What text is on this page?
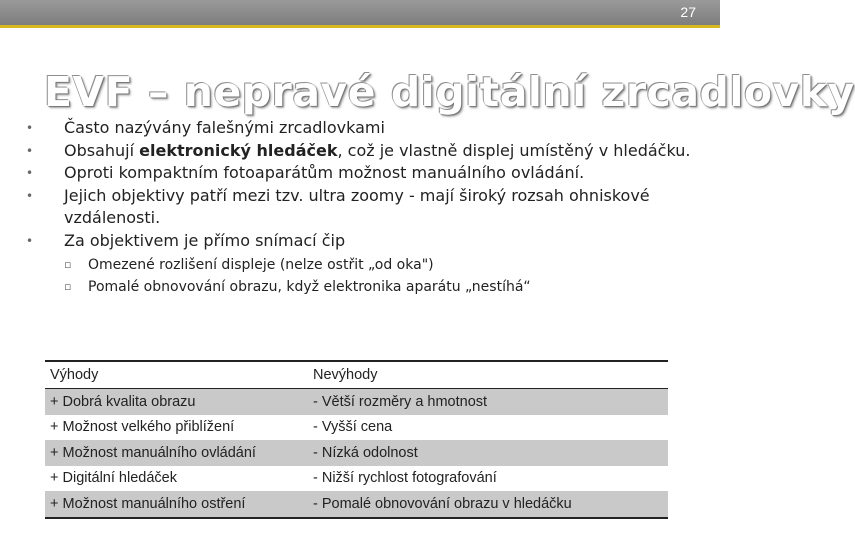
27
EVF – nepravé digitální zrcadlovky
• Často nazývány falešnými zrcadlovkami
• Obsahují elektronický hledáček, což je vlastně displej umístěný v hledáčku.
• Oproti kompaktním fotoaparátům možnost manuálního ovládání.
• Jejich objektivy patří mezi tzv. ultra zoomy - mají široký rozsah ohniskové vzdálenosti.
• Za objektivem je přímo snímací čip
▫ Omezené rozlišení displeje (nelze ostřit „od oka")
▫ Pomalé obnovování obrazu, když elektronika aparátu „nestíhá“
Výhody	Nevýhody
+ Dobrá kvalita obrazu	- Větší rozměry a hmotnost
+ Možnost velkého přiblížení	- Vyšší cena
+ Možnost manuálního ovládání	- Nízká odolnost
+ Digitální hledáček	- Nižší rychlost fotografování
+ Možnost manuálního ostření	- Pomalé obnovování obrazu v hledáčku
